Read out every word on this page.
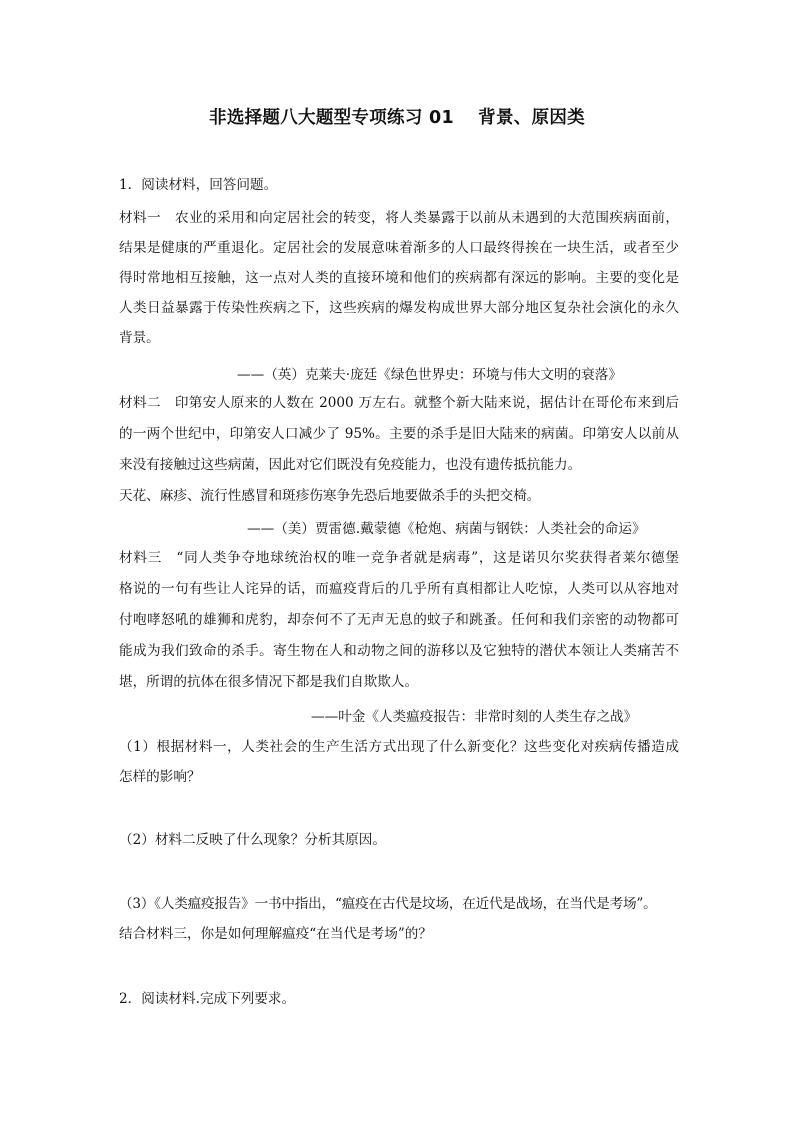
非选择题八大题型专项练习 01　 背景、原因类
1．阅读材料，回答问题。
材料一　农业的采用和向定居社会的转变，将人类暴露于以前从未遇到的大范围疾病面前，
结果是健康的严重退化。定居社会的发展意味着渐多的人口最终得挨在一块生活，或者至少
得时常地相互接触，这一点对人类的直接环境和他们的疾病都有深远的影响。主要的变化是
人类日益暴露于传染性疾病之下，这些疾病的爆发构成世界大部分地区复杂社会演化的永久
背景。
——（英）克莱夫·庞廷《绿色世界史：环境与伟大文明的衰落》
材料二　印第安人原来的人数在 2000 万左右。就整个新大陆来说，据估计在哥伦布来到后
的一两个世纪中，印第安人口减少了 95%。主要的杀手是旧大陆来的病菌。印第安人以前从
来没有接触过这些病菌，因此对它们既没有免疫能力，也没有遗传抵抗能力。
天花、麻疹、流行性感冒和斑疹伤寒争先恐后地要做杀手的头把交椅。
——（美）贾雷德.戴蒙德《枪炮、病菌与钢铁：人类社会的命运》
材料三　“同人类争夺地球统治权的唯一竞争者就是病毒”，这是诺贝尔奖获得者莱尔德堡
格说的一句有些让人诧异的话，而瘟疫背后的几乎所有真相都让人吃惊，人类可以从容地对
付咆哮怒吼的雄狮和虎豹，却奈何不了无声无息的蚊子和跳蚤。任何和我们亲密的动物都可
能成为我们致命的杀手。寄生物在人和动物之间的游移以及它独特的潜伏本领让人类痛苦不
堪，所谓的抗体在很多情况下都是我们自欺欺人。
——叶金《人类瘟疫报告：非常时刻的人类生存之战》
（1）根据材料一，人类社会的生产生活方式出现了什么新变化？这些变化对疾病传播造成
怎样的影响？
（2）材料二反映了什么现象？分析其原因。
（3）《人类瘟疫报告》一书中指出，“瘟疫在古代是坟场，在近代是战场，在当代是考场”。
结合材料三，你是如何理解瘟疫“在当代是考场”的？
2．阅读材料.完成下列要求。
